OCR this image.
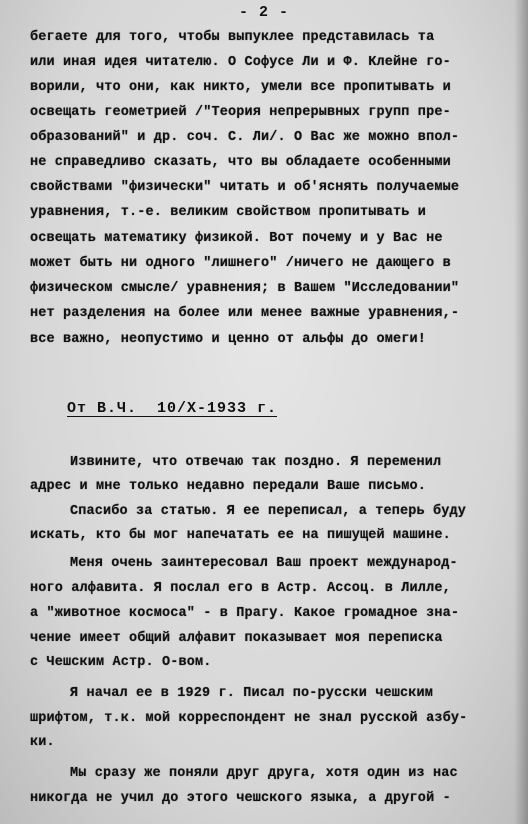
- 2 -
бегаете для того, чтобы выпуклее представилась та
или иная идея читателю. О Софусе Ли и Ф. Клейне го-
ворили, что они, как никто, умели все пропитывать и
освещать геометрией /"Теория непрерывных групп пре-
образований" и др. соч. С. Ли/. О Вас же можно впол-
не справедливо сказать, что вы обладаете особенными
свойствами "физически" читать и об'яснять получаемые
уравнения, т.-е. великим свойством пропитывать и
освещать математику физикой. Вот почему и у Вас не
может быть ни одного "лишнего" /ничего не дающего в
физическом смысле/ уравнения; в Вашем "Исследовании"
нет разделения на более или менее важные уравнения,-
все важно, неопустимо и ценно от альфы до омеги!
От В.Ч.  10/X-1933 г.
Извините, что отвечаю так поздно. Я переменил
адрес и мне только недавно передали Ваше письмо.
Спасибо за статью. Я ее переписал, а теперь буду
искать, кто бы мог напечатать ее на пишущей машине.
Меня очень заинтересовал Ваш проект международ-
ного алфавита. Я послал его в Астр. Ассоц. в Лилле,
а "животное космоса" - в Прагу. Какое громадное зна-
чение имеет общий алфавит показывает моя переписка
с Чешским Астр. О-вом.
Я начал ее в 1929 г. Писал по-русски чешским
шрифтом, т.к. мой корреспондент не знал русской азбу-
ки.
Мы сразу же поняли друг друга, хотя один из нас
никогда не учил до этого чешского языка, а другой -
